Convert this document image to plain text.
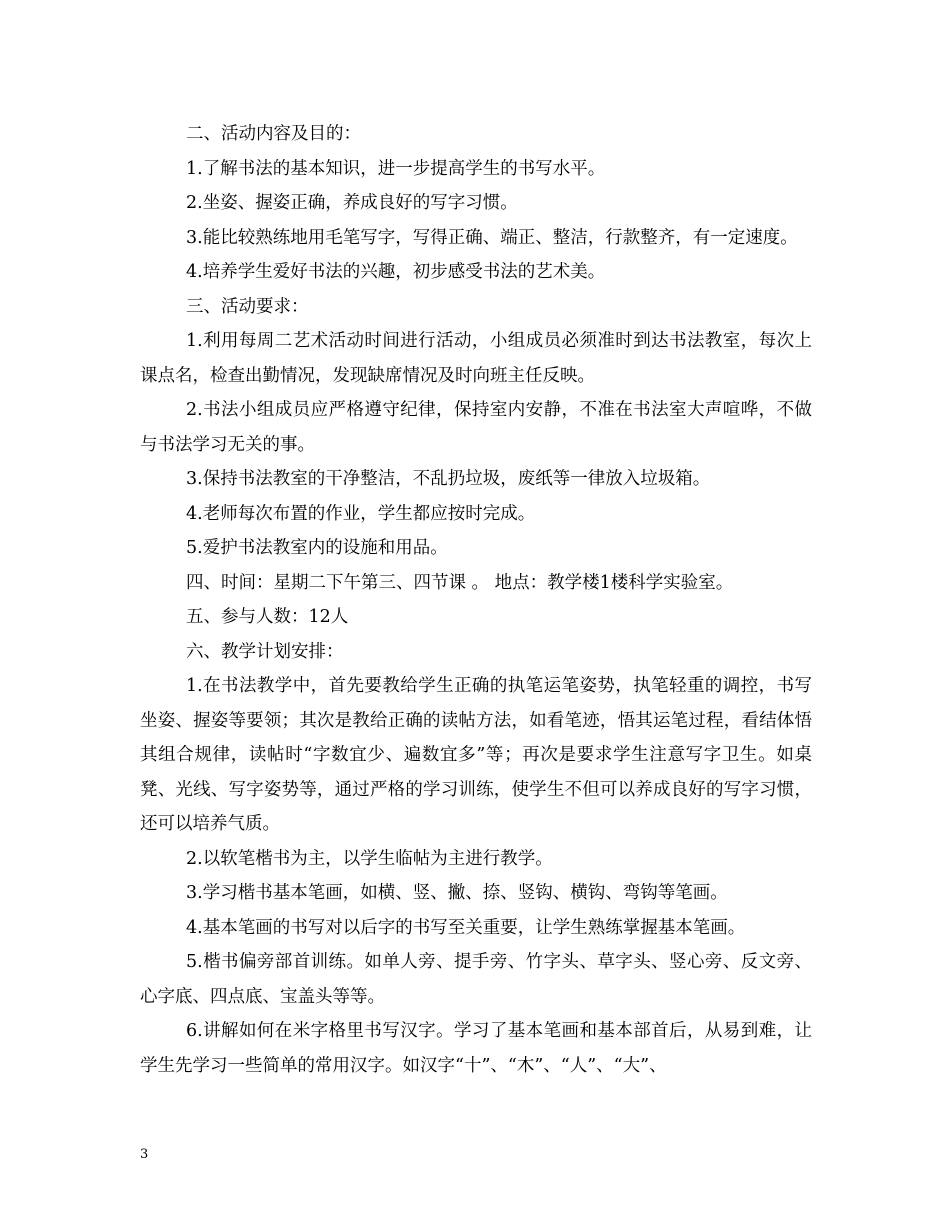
二、活动内容及目的：

1.了解书法的基本知识，进一步提高学生的书写水平。

2.坐姿、握姿正确，养成良好的写字习惯。

3.能比较熟练地用毛笔写字，写得正确、端正、整洁，行款整齐，有一定速度。

4.培养学生爱好书法的兴趣，初步感受书法的艺术美。

三、活动要求：

1.利用每周二艺术活动时间进行活动，小组成员必须准时到达书法教室，每次上课点名，检查出勤情况，发现缺席情况及时向班主任反映。

2.书法小组成员应严格遵守纪律，保持室内安静，不准在书法室大声喧哗，不做与书法学习无关的事。

3.保持书法教室的干净整洁，不乱扔垃圾，废纸等一律放入垃圾箱。

4.老师每次布置的作业，学生都应按时完成。

5.爱护书法教室内的设施和用品。

四、时间：星期二下午第三、四节课 。 地点：教学楼1楼科学实验室。

五、参与人数：12人

六、教学计划安排：

1.在书法教学中，首先要教给学生正确的执笔运笔姿势，执笔轻重的调控，书写坐姿、握姿等要领；其次是教给正确的读帖方法，如看笔迹，悟其运笔过程，看结体悟其组合规律，读帖时“字数宜少、遍数宜多”等；再次是要求学生注意写字卫生。如桌凳、光线、写字姿势等，通过严格的学习训练，使学生不但可以养成良好的写字习惯，还可以培养气质。

2.以软笔楷书为主，以学生临帖为主进行教学。

3.学习楷书基本笔画，如横、竖、撇、捺、竖钩、横钩、弯钩等笔画。

4.基本笔画的书写对以后字的书写至关重要，让学生熟练掌握基本笔画。

5.楷书偏旁部首训练。如单人旁、提手旁、竹字头、草字头、竖心旁、反文旁、心字底、四点底、宝盖头等等。

6.讲解如何在米字格里书写汉字。学习了基本笔画和基本部首后，从易到难，让学生先学习一些简单的常用汉字。如汉字“十”、“木”、“人”、“大”、

3
